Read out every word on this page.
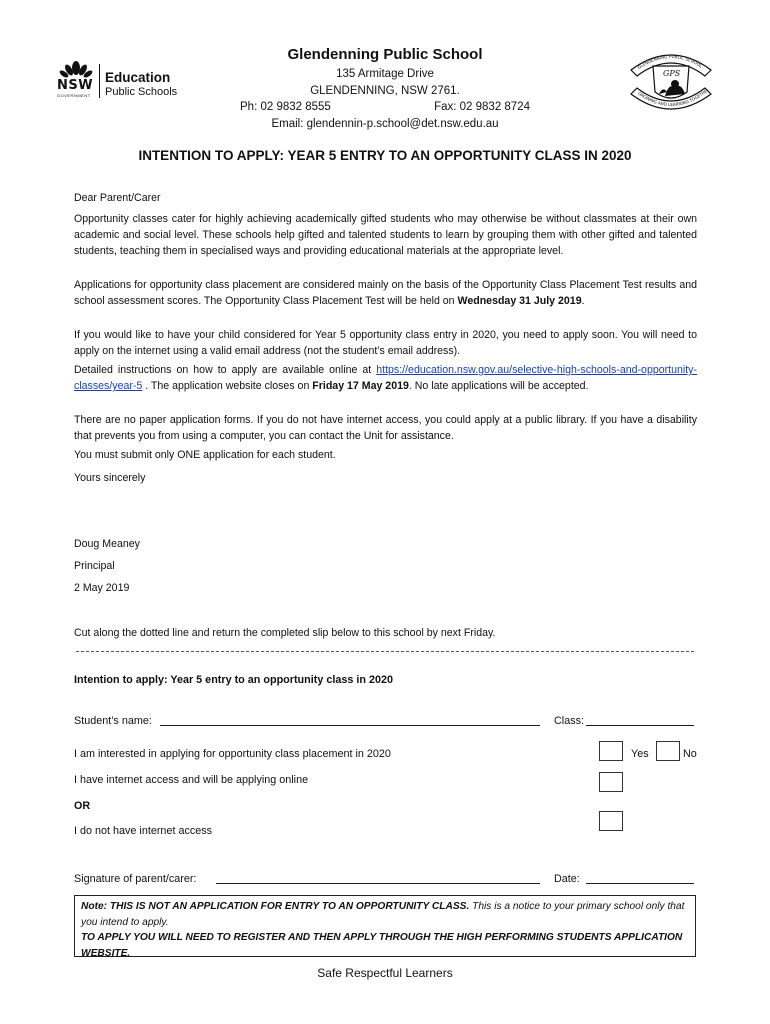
NSW
GOVERNMENT
Education
Public Schools
Glendenning Public School
135 Armitage Drive
GLENDENNING, NSW 2761.
Ph: 02 9832 8555	Fax: 02 9832 8724
Email: glendennin-p.school@det.nsw.edu.au
GLENDENNING PUBLIC SCHOOL
GROWING AND LEARNING TOGETHE
GPS
INTENTION TO APPLY: YEAR 5 ENTRY TO AN OPPORTUNITY CLASS IN 2020
Dear Parent/Carer

Opportunity classes cater for highly achieving academically gifted students who may otherwise be without classmates at their own academic and social level. These schools help gifted and talented students to learn by grouping them with other gifted and talented students, teaching them in specialised ways and providing educational materials at the appropriate level.

Applications for opportunity class placement are considered mainly on the basis of the Opportunity Class Placement Test results and school assessment scores. The Opportunity Class Placement Test will be held on Wednesday 31 July 2019.

If you would like to have your child considered for Year 5 opportunity class entry in 2020, you need to apply soon. You will need to apply on the internet using a valid email address (not the student’s email address).

Detailed instructions on how to apply are available online at https://education.nsw.gov.au/selective-high-schools-and-opportunity-classes/year-5 . The application website closes on Friday 17 May 2019. No late applications will be accepted.

There are no paper application forms. If you do not have internet access, you could apply at a public library. If you have a disability that prevents you from using a computer, you can contact the Unit for assistance.

You must submit only ONE application for each student.
Yours sincerely
Doug Meaney
Principal
2 May 2019
Cut along the dotted line and return the completed slip below to this school by next Friday.
Intention to apply: Year 5 entry to an opportunity class in 2020
Student’s name:	Class:
I am interested in applying for opportunity class placement in 2020	Yes	No
I have internet access and will be applying online
OR
I do not have internet access
Signature of parent/carer:	Date:
Note: THIS IS NOT AN APPLICATION FOR ENTRY TO AN OPPORTUNITY CLASS. This is a notice to your primary school only that you intend to apply.
TO APPLY YOU WILL NEED TO REGISTER AND THEN APPLY THROUGH THE HIGH PERFORMING STUDENTS APPLICATION WEBSITE.
Safe Respectful Learners
